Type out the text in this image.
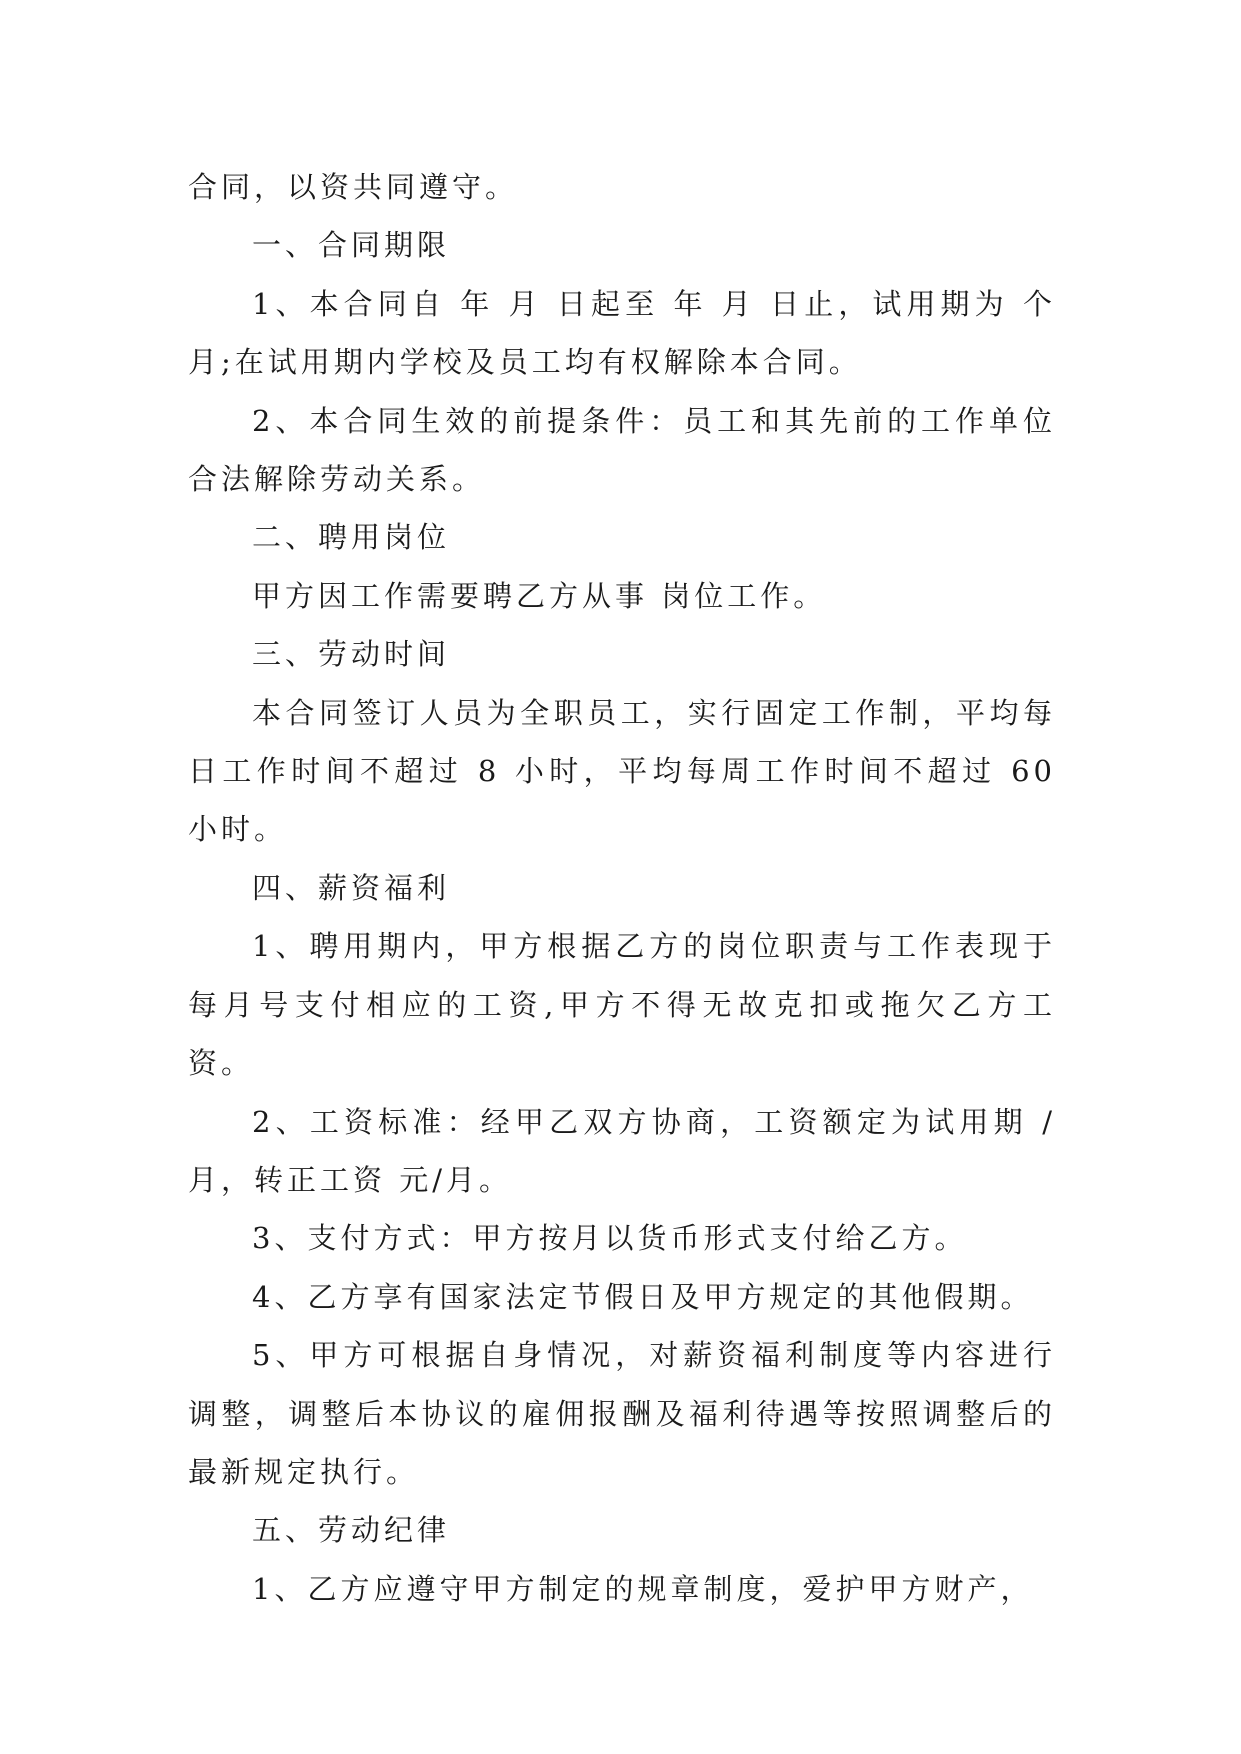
合同，以资共同遵守。

一、合同期限

1、本合同自 年 月 日起至 年 月 日止，试用期为 个月;在试用期内学校及员工均有权解除本合同。

2、本合同生效的前提条件：员工和其先前的工作单位合法解除劳动关系。

二、聘用岗位

甲方因工作需要聘乙方从事 岗位工作。

三、劳动时间

本合同签订人员为全职员工，实行固定工作制，平均每日工作时间不超过 8 小时，平均每周工作时间不超过 60 小时。

四、薪资福利

1、聘用期内，甲方根据乙方的岗位职责与工作表现于每月号支付相应的工资,甲方不得无故克扣或拖欠乙方工资。

2、工资标准：经甲乙双方协商，工资额定为试用期 /月，转正工资 元/月。

3、支付方式：甲方按月以货币形式支付给乙方。

4、乙方享有国家法定节假日及甲方规定的其他假期。

5、甲方可根据自身情况，对薪资福利制度等内容进行调整，调整后本协议的雇佣报酬及福利待遇等按照调整后的最新规定执行。

五、劳动纪律

1、乙方应遵守甲方制定的规章制度，爱护甲方财产，
